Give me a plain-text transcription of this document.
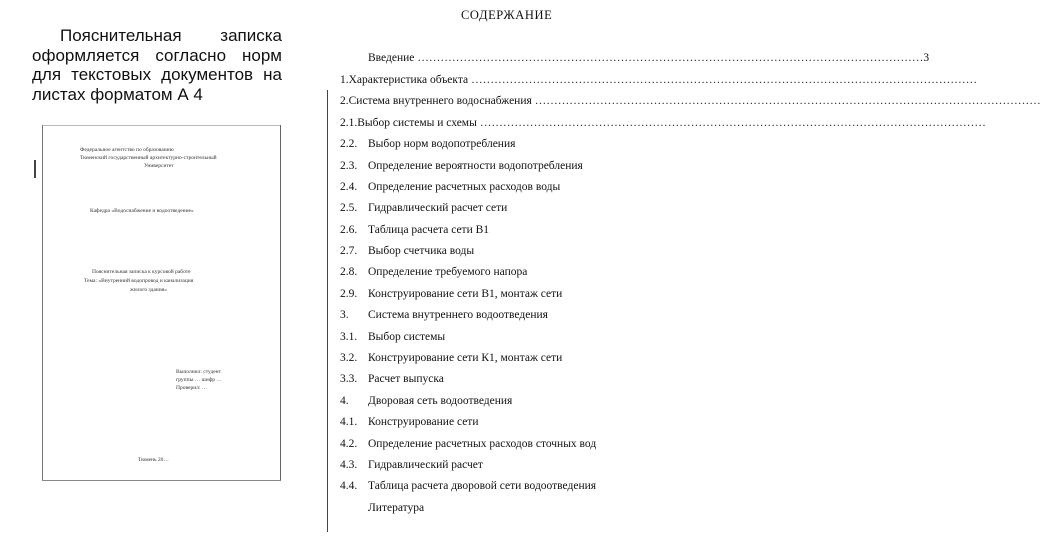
Пояснительная записка оформляется согласно норм для текстовых документов на листах форматом А 4

Федеральное агентство по образованию
Тюменский государственный архитектурно-строительный
Университет
Кафедра «Водоснабжение и водоотведение»
Пояснительная записка к курсовой работе
Тема: «Внутренний водопровод и канализация
жилого здания»
Выполнил: студент
группы … шифр …
Проверил: …
Тюмень 20…
СОДЕРЖАНИЕ
Введение
……………………………………………………………………………………………………………………	3
1. Характеристика объекта
……………………………………………………………………………………………………………………
2. Система внутреннего водоснабжения
……………………………………………………………………………………………………………………
2.1. Выбор системы и схемы
……………………………………………………………………………………………………………………
2.2. Выбор норм водопотребления
2.3. Определение вероятности водопотребления
2.4. Определение расчетных расходов воды
2.5. Гидравлический расчет сети
2.6. Таблица расчета сети В1
2.7. Выбор счетчика воды
2.8. Определение требуемого напора
2.9. Конструирование сети В1, монтаж сети
3.	Система внутреннего водоотведения
3.1. Выбор системы
3.2. Конструирование сети К1, монтаж сети
3.3. Расчет выпуска
4.	Дворовая сеть водоотведения
4.1. Конструирование сети
4.2. Определение расчетных расходов сточных вод
4.3. Гидравлический расчет
4.4. Таблица расчета дворовой сети водоотведения
Литература
